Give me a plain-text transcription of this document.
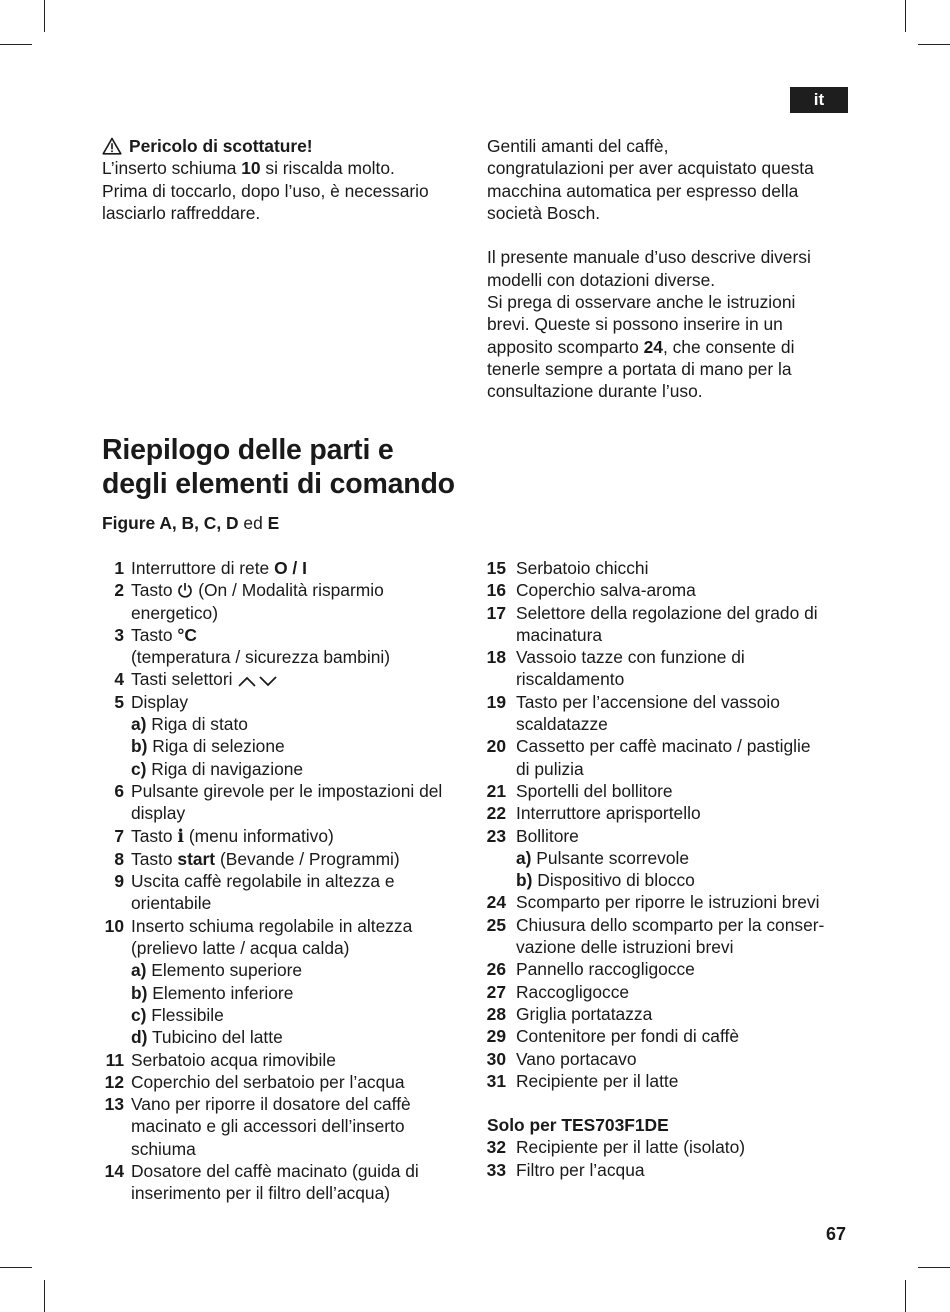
it
Pericolo di scottature!

L’inserto schiuma 10 si riscalda molto.

Prima di toccarlo, dopo l’uso, è necessario

lasciarlo raffreddare.

Gentili amanti del caffè,

congratulazioni per aver acquistato questa

macchina automatica per espresso della

società Bosch.

Il presente manuale d’uso descrive diversi

modelli con dotazioni diverse.

Si prega di osservare anche le istruzioni

brevi. Queste si possono inserire in un

apposito scomparto 24, che consente di

tenerle sempre a portata di mano per la

consultazione durante l’uso.

Riepilogo delle parti e
degli elementi di comando
Figure A, B, C, D ed E
1 Interruttore di rete O / I
2 Tasto  (On / Modalità risparmio
energetico)
3 Tasto °C
(temperatura / sicurezza bambini)
4 Tasti selettori
5 Display
a) Riga di stato
b) Riga di selezione
c) Riga di navigazione
6 Pulsante girevole per le impostazioni del
display
7 Tasto i (menu informativo)
8 Tasto start (Bevande / Programmi)
9 Uscita caffè regolabile in altezza e
orientabile
10 Inserto schiuma regolabile in altezza
(prelievo latte / acqua calda)
a) Elemento superiore
b) Elemento inferiore
c) Flessibile
d) Tubicino del latte
11 Serbatoio acqua rimovibile
12 Coperchio del serbatoio per l’acqua
13 Vano per riporre il dosatore del caffè
macinato e gli accessori dell’inserto
schiuma
14 Dosatore del caffè macinato (guida di
inserimento per il filtro dell’acqua)
15 Serbatoio chicchi
16 Coperchio salva-aroma
17 Selettore della regolazione del grado di
macinatura
18 Vassoio tazze con funzione di
riscaldamento
19 Tasto per l’accensione del vassoio
scaldatazze
20 Cassetto per caffè macinato / pastiglie
di pulizia
21 Sportelli del bollitore
22 Interruttore aprisportello
23 Bollitore
a) Pulsante scorrevole
b) Dispositivo di blocco
24 Scomparto per riporre le istruzioni brevi
25 Chiusura dello scomparto per la conser-
vazione delle istruzioni brevi
26 Pannello raccogligocce
27 Raccogligocce
28 Griglia portatazza
29 Contenitore per fondi di caffè
30 Vano portacavo
31 Recipiente per il latte

Solo per TES703F1DE

32 Recipiente per il latte (isolato)
33 Filtro per l’acqua
67
